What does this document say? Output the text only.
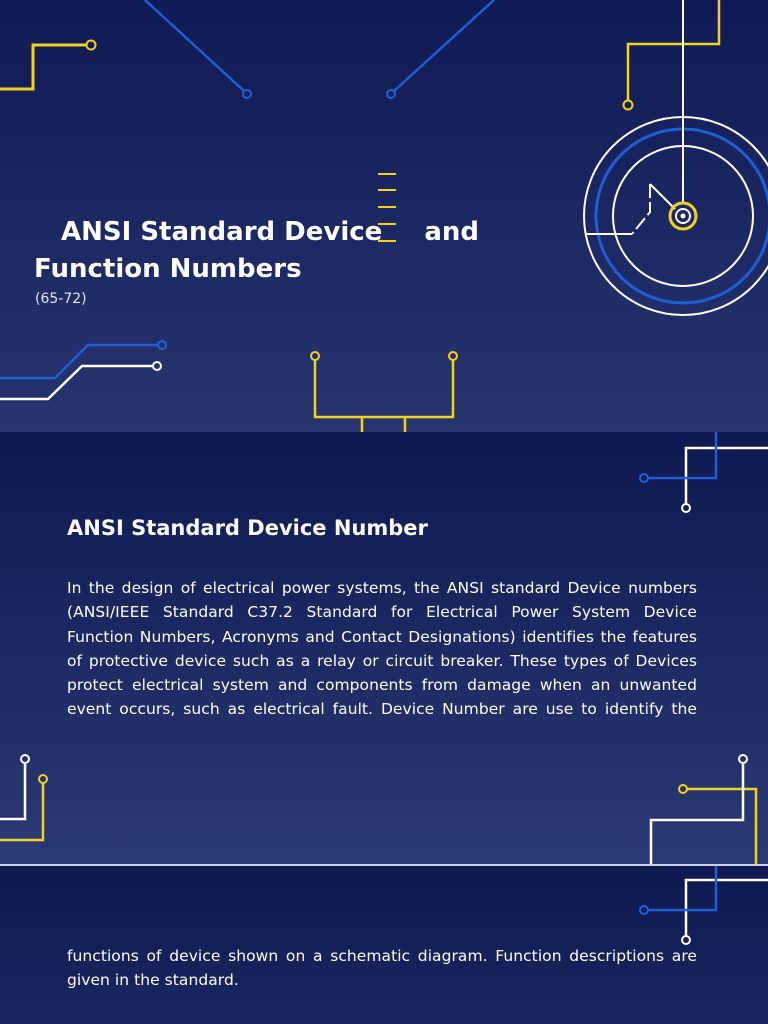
ANSI Standard Device and
Function Numbers

(65-72)

ANSI Standard Device Number

In the design of electrical power systems, the ANSI standard Device numbers (ANSI/IEEE Standard C37.2 Standard for Electrical Power System Device Function Numbers, Acronyms and Contact Designations) identifies the features of protective device such as a relay or circuit breaker. These types of Devices protect electrical system and components from damage when an unwanted event occurs, such as electrical fault. Device Number are use to identify the

functions of device shown on a schematic diagram. Function descriptions are given in the standard.
